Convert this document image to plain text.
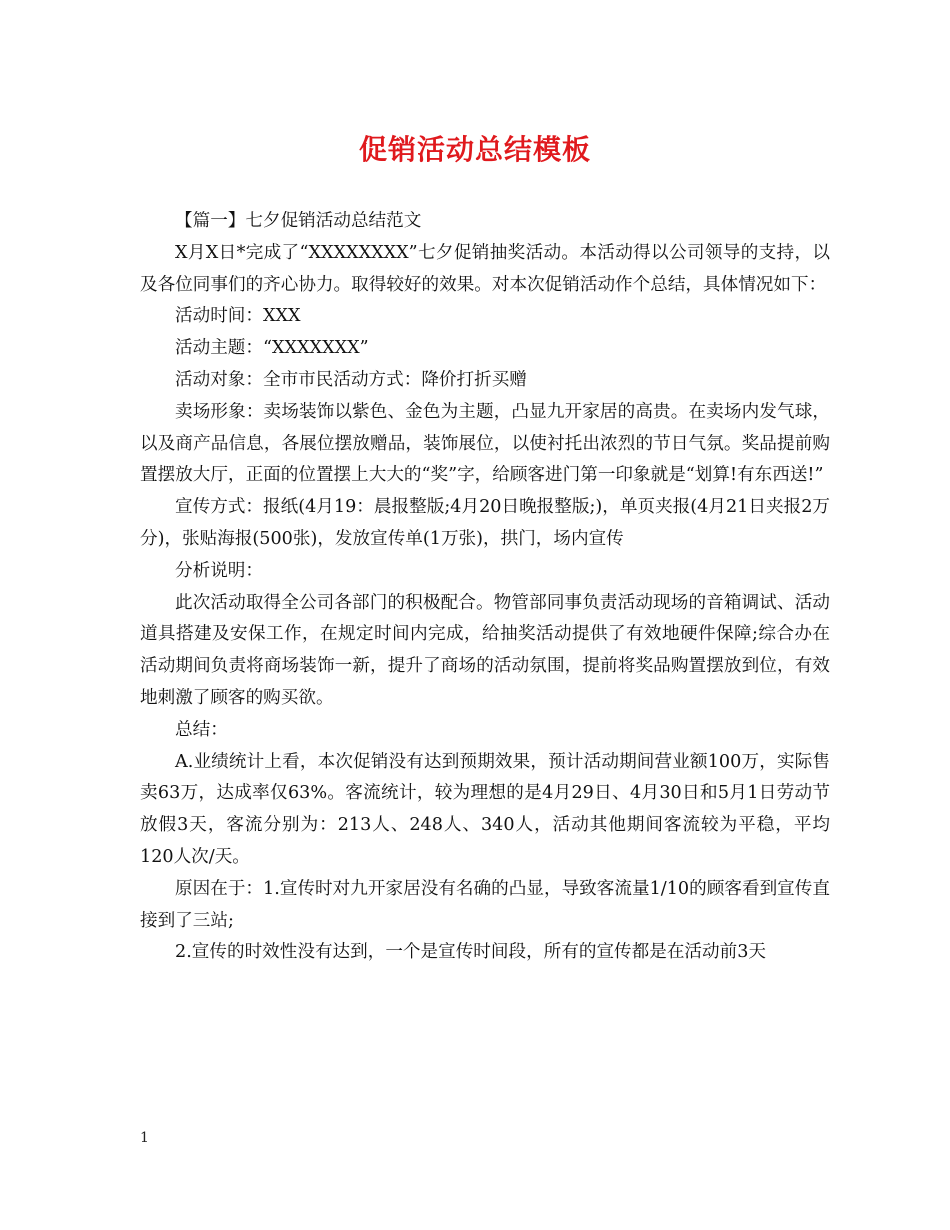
促销活动总结模板

【篇一】七夕促销活动总结范文

X月X日*完成了“XXXXXXXX”七夕促销抽奖活动。本活动得以公司领导的支持，以及各位同事们的齐心协力。取得较好的效果。对本次促销活动作个总结，具体情况如下：

活动时间：XXX

活动主题：“XXXXXXX”

活动对象：全市市民活动方式：降价打折买赠

卖场形象：卖场装饰以紫色、金色为主题，凸显九开家居的高贵。在卖场内发气球，以及商产品信息，各展位摆放赠品，装饰展位，以使衬托出浓烈的节日气氛。奖品提前购置摆放大厅，正面的位置摆上大大的“奖”字，给顾客进门第一印象就是“划算!有东西送!”

宣传方式：报纸(4月19：晨报整版;4月20日晚报整版;)，单页夹报(4月21日夹报2万分)，张贴海报(500张)，发放宣传单(1万张)，拱门，场内宣传

分析说明：

此次活动取得全公司各部门的积极配合。物管部同事负责活动现场的音箱调试、活动道具搭建及安保工作，在规定时间内完成，给抽奖活动提供了有效地硬件保障;综合办在活动期间负责将商场装饰一新，提升了商场的活动氛围，提前将奖品购置摆放到位，有效地刺激了顾客的购买欲。

总结：

A.业绩统计上看，本次促销没有达到预期效果，预计活动期间营业额100万，实际售卖63万，达成率仅63%。客流统计，较为理想的是4月29日、4月30日和5月1日劳动节放假3天，客流分别为：213人、248人、340人，活动其他期间客流较为平稳，平均120人次/天。

原因在于：1.宣传时对九开家居没有名确的凸显，导致客流量1/10的顾客看到宣传直接到了三站;

2.宣传的时效性没有达到，一个是宣传时间段，所有的宣传都是在活动前3天

1
